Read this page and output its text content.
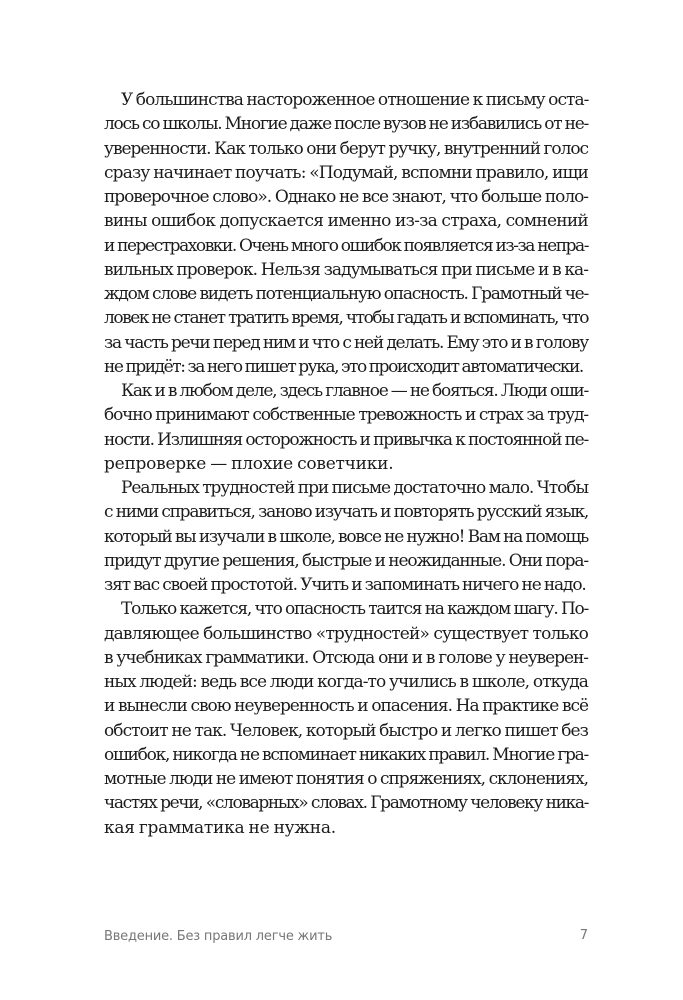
У большинства настороженное отношение к письму оста-
лось со школы. Многие даже после вузов не избавились от не-
уверенности. Как только они берут ручку, внутренний голос
сразу начинает поучать: «Подумай, вспомни правило, ищи
проверочное слово». Однако не все знают, что больше поло-
вины ошибок допускается именно из-за страха, сомнений
и перестраховки. Очень много ошибок появляется из-за непра-
вильных проверок. Нельзя задумываться при письме и в ка-
ждом слове видеть потенциальную опасность. Грамотный че-
ловек не станет тратить время, чтобы гадать и вспоминать, что
за часть речи перед ним и что с ней делать. Ему это и в голову
не придёт: за него пишет рука, это происходит автоматически.
Как и в любом деле, здесь главное — не бояться. Люди оши-
бочно принимают собственные тревожность и страх за труд-
ности. Излишняя осторожность и привычка к постоянной пе-
репроверке — плохие советчики.
Реальных трудностей при письме достаточно мало. Чтобы
с ними справиться, заново изучать и повторять русский язык,
который вы изучали в школе, вовсе не нужно! Вам на помощь
придут другие решения, быстрые и неожиданные. Они пора-
зят вас своей простотой. Учить и запоминать ничего не надо.
Только кажется, что опасность таится на каждом шагу. По-
давляющее большинство «трудностей» существует только
в учебниках грамматики. Отсюда они и в голове у неуверен-
ных людей: ведь все люди когда-то учились в школе, откуда
и вынесли свою неуверенность и опасения. На практике всё
обстоит не так. Человек, который быстро и легко пишет без
ошибок, никогда не вспоминает никаких правил. Многие гра-
мотные люди не имеют понятия о спряжениях, склонениях,
частях речи, «словарных» словах. Грамотному человеку ника-
кая грамматика не нужна.
Введение. Без правил легче жить	7
